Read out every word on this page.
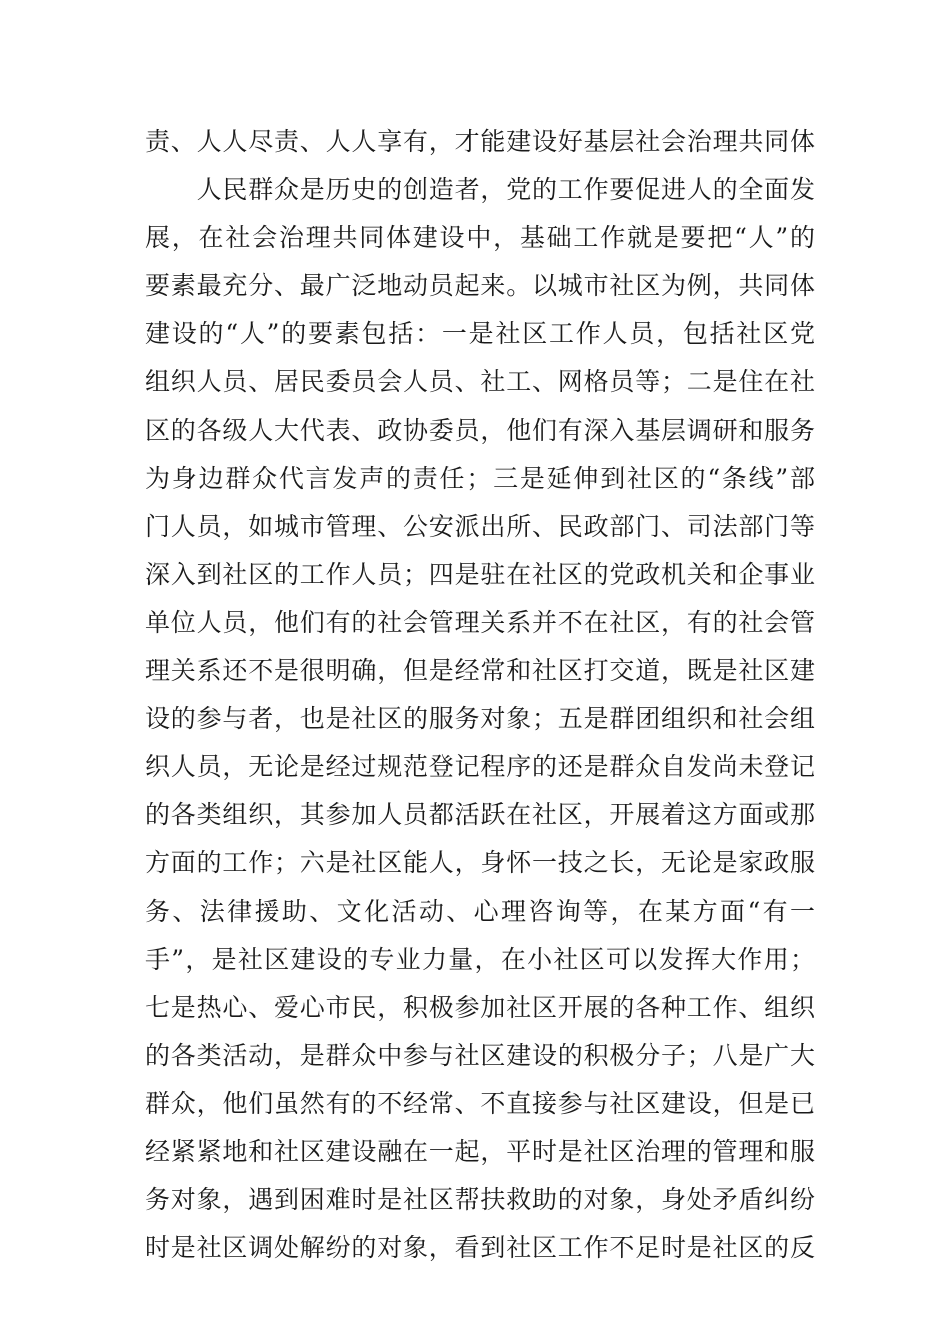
责、人人尽责、人人享有，才能建设好基层社会治理共同体
　　人民群众是历史的创造者，党的工作要促进人的全面发
展，在社会治理共同体建设中，基础工作就是要把“人”的
要素最充分、最广泛地动员起来。以城市社区为例，共同体
建设的“人”的要素包括：一是社区工作人员，包括社区党
组织人员、居民委员会人员、社工、网格员等；二是住在社
区的各级人大代表、政协委员，他们有深入基层调研和服务
为身边群众代言发声的责任；三是延伸到社区的“条线”部
门人员，如城市管理、公安派出所、民政部门、司法部门等
深入到社区的工作人员；四是驻在社区的党政机关和企事业
单位人员，他们有的社会管理关系并不在社区，有的社会管
理关系还不是很明确，但是经常和社区打交道，既是社区建
设的参与者，也是社区的服务对象；五是群团组织和社会组
织人员，无论是经过规范登记程序的还是群众自发尚未登记
的各类组织，其参加人员都活跃在社区，开展着这方面或那
方面的工作；六是社区能人，身怀一技之长，无论是家政服
务、法律援助、文化活动、心理咨询等，在某方面“有一
手”，是社区建设的专业力量，在小社区可以发挥大作用；
七是热心、爱心市民，积极参加社区开展的各种工作、组织
的各类活动，是群众中参与社区建设的积极分子；八是广大
群众，他们虽然有的不经常、不直接参与社区建设，但是已
经紧紧地和社区建设融在一起，平时是社区治理的管理和服
务对象，遇到困难时是社区帮扶救助的对象，身处矛盾纠纷
时是社区调处解纷的对象，看到社区工作不足时是社区的反
